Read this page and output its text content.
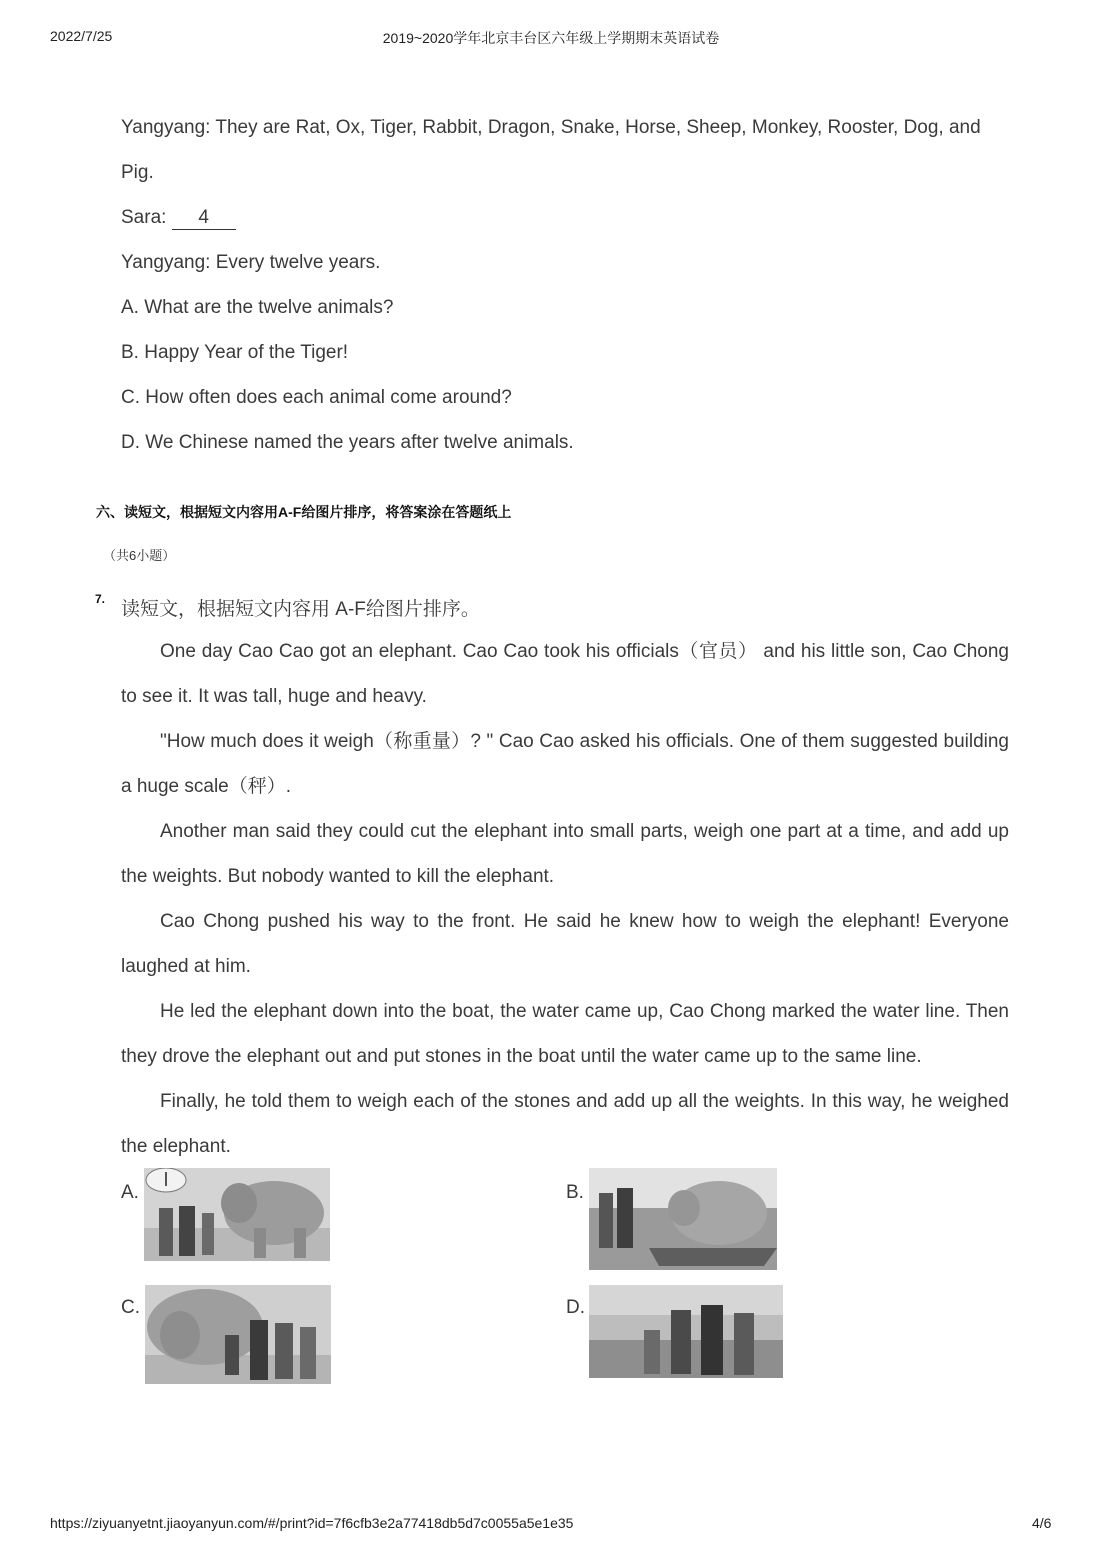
2022/7/25	2019~2020学年北京丰台区六年级上学期期末英语试卷
Yangyang: They are Rat, Ox, Tiger, Rabbit, Dragon, Snake, Horse, Sheep, Monkey, Rooster, Dog, and
Pig.
Sara: 4
Yangyang: Every twelve years.
A. What are the twelve animals?
B. Happy Year of the Tiger!
C. How often does each animal come around?
D. We Chinese named the years after twelve animals.
六、读短文，根据短文内容用A-F给图片排序，将答案涂在答题纸上
（共6小题）
7. 读短文，根据短文内容用 A-F给图片排序。
One day Cao Cao got an elephant. Cao Cao took his officials（官员） and his little son, Cao Chong to see it. It was tall, huge and heavy.
"How much does it weigh（称重量）? " Cao Cao asked his officials. One of them suggested building a huge scale（秤）.
Another man said they could cut the elephant into small parts, weigh one part at a time, and add up the weights. But nobody wanted to kill the elephant.
Cao Chong pushed his way to the front. He said he knew how to weigh the elephant! Everyone laughed at him.
He led the elephant down into the boat, the water came up, Cao Chong marked the water line. Then they drove the elephant out and put stones in the boat until the water came up to the same line.
Finally, he told them to weigh each of the stones and add up all the weights. In this way, he weighed the elephant.
A.	B.
C.	D.
https://ziyuanyetnt.jiaoyanyun.com/#/print?id=7f6cfb3e2a77418db5d7c0055a5e1e35	4/6
